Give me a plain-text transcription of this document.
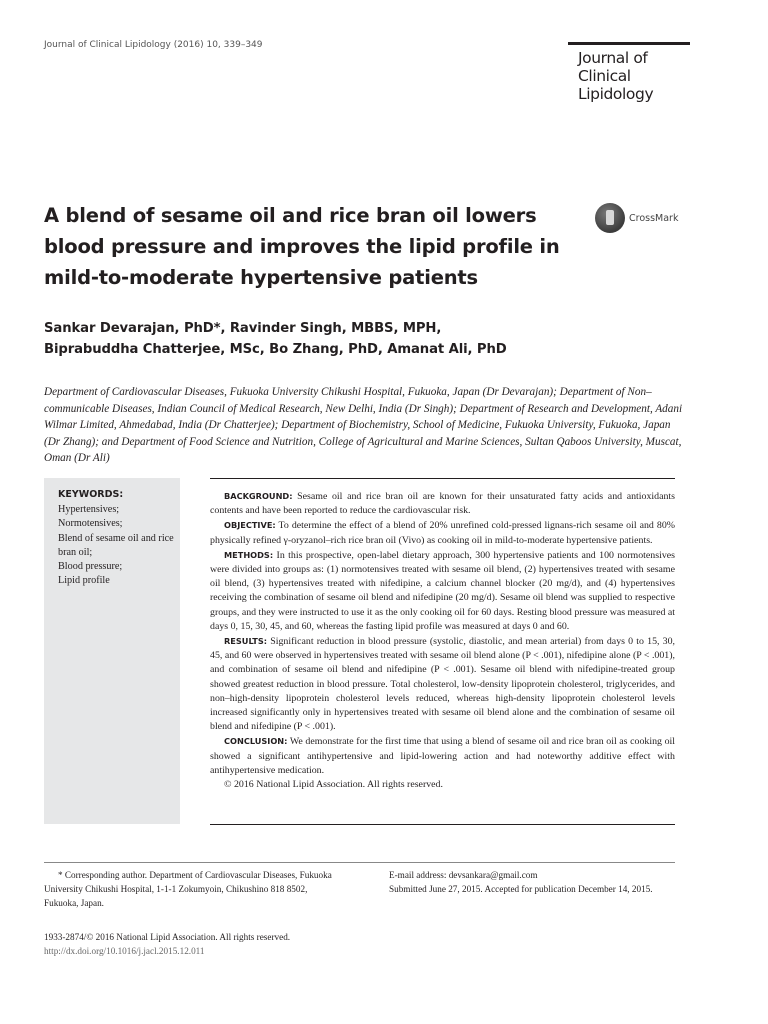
Journal of Clinical Lipidology (2016) 10, 339–349
Journal of
Clinical
Lipidology
A blend of sesame oil and rice bran oil lowers blood pressure and improves the lipid profile in mild-to-moderate hypertensive patients
CrossMark
Sankar Devarajan, PhD*, Ravinder Singh, MBBS, MPH,
Biprabuddha Chatterjee, MSc, Bo Zhang, PhD, Amanat Ali, PhD

Department of Cardiovascular Diseases, Fukuoka University Chikushi Hospital, Fukuoka, Japan (Dr Devarajan); Department of Non–communicable Diseases, Indian Council of Medical Research, New Delhi, India (Dr Singh); Department of Research and Development, Adani Wilmar Limited, Ahmedabad, India (Dr Chatterjee); Department of Biochemistry, School of Medicine, Fukuoka University, Fukuoka, Japan (Dr Zhang); and Department of Food Science and Nutrition, College of Agricultural and Marine Sciences, Sultan Qaboos University, Muscat, Oman (Dr Ali)

KEYWORDS:
Hypertensives;
Normotensives;
Blend of sesame oil and rice bran oil;
Blood pressure;
Lipid profile

BACKGROUND: Sesame oil and rice bran oil are known for their unsaturated fatty acids and antioxidants contents and have been reported to reduce the cardiovascular risk.

OBJECTIVE: To determine the effect of a blend of 20% unrefined cold-pressed lignans-rich sesame oil and 80% physically refined γ-oryzanol–rich rice bran oil (Vivo) as cooking oil in mild-to-moderate hypertensive patients.

METHODS: In this prospective, open-label dietary approach, 300 hypertensive patients and 100 normotensives were divided into groups as: (1) normotensives treated with sesame oil blend, (2) hypertensives treated with sesame oil blend, (3) hypertensives treated with nifedipine, a calcium channel blocker (20 mg/d), and (4) hypertensives receiving the combination of sesame oil blend and nifedipine (20 mg/d). Sesame oil blend was supplied to respective groups, and they were instructed to use it as the only cooking oil for 60 days. Resting blood pressure was measured at days 0, 15, 30, 45, and 60, whereas the fasting lipid profile was measured at days 0 and 60.

RESULTS: Significant reduction in blood pressure (systolic, diastolic, and mean arterial) from days 0 to 15, 30, 45, and 60 were observed in hypertensives treated with sesame oil blend alone (P < .001), nifedipine alone (P < .001), and combination of sesame oil blend and nifedipine (P < .001). Sesame oil blend with nifedipine-treated group showed greatest reduction in blood pressure. Total cholesterol, low-density lipoprotein cholesterol, triglycerides, and non–high-density lipoprotein cholesterol levels reduced, whereas high-density lipoprotein cholesterol levels increased significantly only in hypertensives treated with sesame oil blend alone and the combination of sesame oil blend and nifedipine (P < .001).

CONCLUSION: We demonstrate for the first time that using a blend of sesame oil and rice bran oil as cooking oil showed a significant antihypertensive and lipid-lowering action and had noteworthy additive effect with antihypertensive medication.

© 2016 National Lipid Association. All rights reserved.

* Corresponding author. Department of Cardiovascular Diseases, Fukuoka University Chikushi Hospital, 1-1-1 Zokumyoin, Chikushino 818 8502, Fukuoka, Japan.

E-mail address: devsankara@gmail.com

Submitted June 27, 2015. Accepted for publication December 14, 2015.

1933-2874/© 2016 National Lipid Association. All rights reserved.
http://dx.doi.org/10.1016/j.jacl.2015.12.011
